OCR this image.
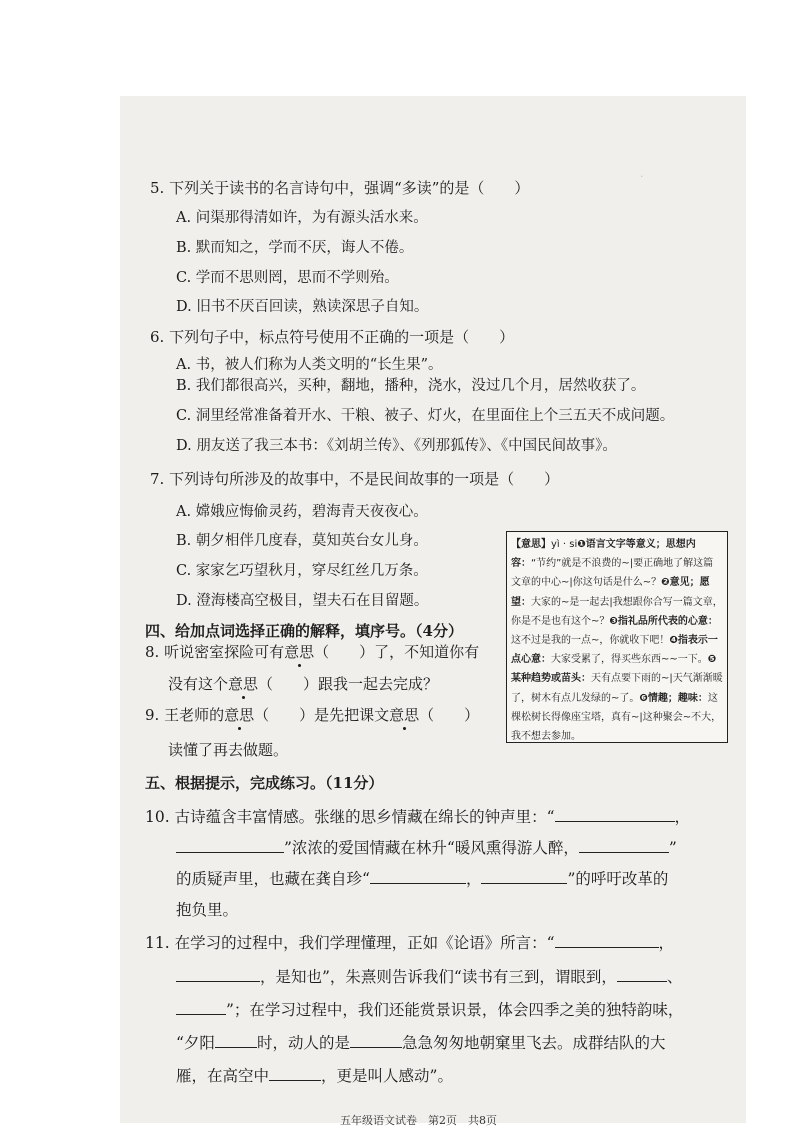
·
5. 下列关于读书的名言诗句中，强调“多读”的是（　　）
A. 问渠那得清如许，为有源头活水来。
B. 默而知之，学而不厌，诲人不倦。
C. 学而不思则罔，思而不学则殆。
D. 旧书不厌百回读，熟读深思子自知。
6. 下列句子中，标点符号使用不正确的一项是（　　）
A. 书，被人们称为人类文明的“长生果”。
B. 我们都很高兴，买种，翻地，播种，浇水，没过几个月，居然收获了。
C. 洞里经常准备着开水、干粮、被子、灯火，在里面住上个三五天不成问题。
D. 朋友送了我三本书：《刘胡兰传》、《列那狐传》、《中国民间故事》。
7. 下列诗句所涉及的故事中，不是民间故事的一项是（　　）
A. 嫦娥应悔偷灵药，碧海青天夜夜心。
B. 朝夕相伴几度春，莫知英台女儿身。
C. 家家乞巧望秋月，穿尽红丝几万条。
D. 澄海楼高空极目，望夫石在目留题。
四、给加点词选择正确的解释，填序号。（4分）
8. 听说密室探险可有意思（　　）了，不知道你有
没有这个意思（　　）跟我一起去完成？
9. 王老师的意思（　　）是先把课文意思（　　）
读懂了再去做题。

【意思】yì · si❶语言文字等意义；思想内容：“节约”就是不浪费的~|要正确地了解这篇文章的中心~|你这句话是什么~？❷意见；愿望：大家的~是一起去|我想跟你合写一篇文章，你是不是也有这个~？❸指礼品所代表的心意：这不过是我的一点~，你就收下吧！❹指表示一点心意：大家受累了，得买些东西~~一下。❺某种趋势或苗头：天有点要下雨的~|天气渐渐暖了，树木有点儿发绿的~了。❻情趣；趣味：这棵松树长得像座宝塔，真有~|这种聚会~不大，我不想去参加。

五、根据提示，完成练习。（11分）
10. 古诗蕴含丰富情感。张继的思乡情藏在绵长的钟声里：“	，
”浓浓的爱国情藏在林升“暖风熏得游人醉，	”
的质疑声里，也藏在龚自珍“	，	”的呼吁改革的
抱负里。
11. 在学习的过程中，我们学理懂理，正如《论语》所言：“	，
，是知也”，朱熹则告诉我们“读书有三到，谓眼到，	、
”；在学习过程中，我们还能赏景识景，体会四季之美的独特韵味，
“夕阳	时，动人的是	急急匆匆地朝窠里飞去。成群结队的大
雁，在高空中	，更是叫人感动”。
五年级语文试卷　第2页　共8页
